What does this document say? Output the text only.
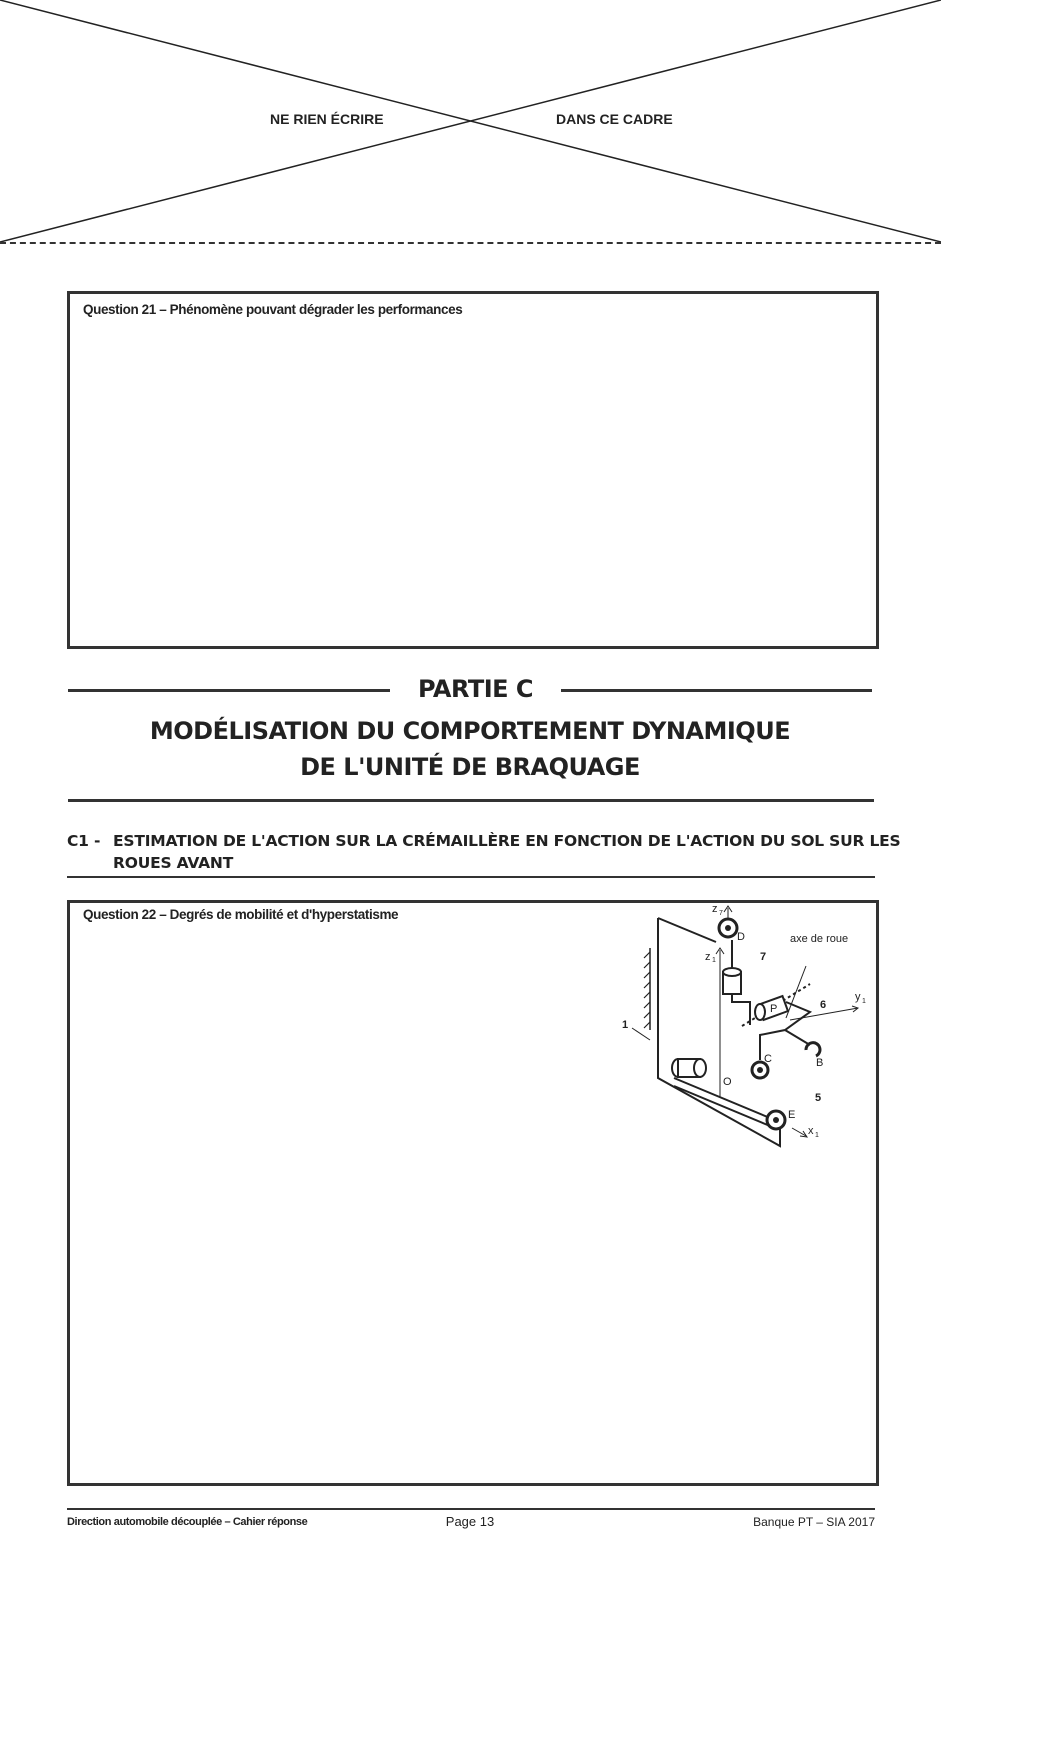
NE RIEN ÉCRIRE	DANS CE CADRE
Question 21 – Phénomène pouvant dégrader les performances
PARTIE C
MODÉLISATION DU COMPORTEMENT DYNAMIQUE
DE L'UNITÉ DE BRAQUAGE
C1 - ESTIMATION DE L'ACTION SUR LA CRÉMAILLÈRE EN FONCTION DE L'ACTION DU SOL SUR LES
ROUES AVANT
Question 22 – Degrés de mobilité et d'hyperstatisme	z 7
D
7
axe de roue
z 1
P	6
y 1
1
C	B
O
5
E
x 1
Direction automobile découplée – Cahier réponse	Page 13	Banque PT – SIA 2017
